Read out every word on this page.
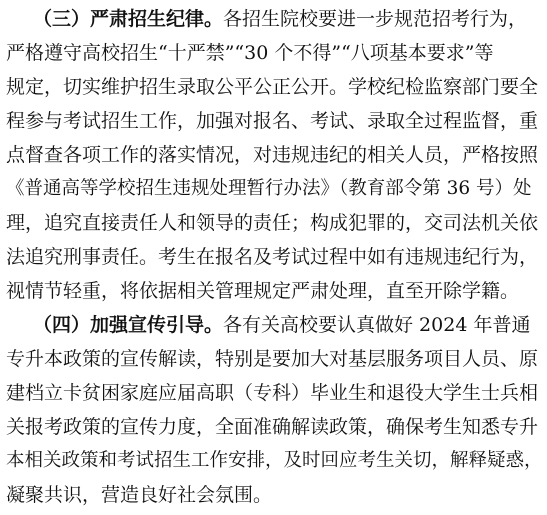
（三）严肃招生纪律。各招生院校要进一步规范招考行为，
严格遵守高校招生“十严禁”“30 个不得”“八项基本要求”等
规定，切实维护招生录取公平公正公开。学校纪检监察部门要全
程参与考试招生工作，加强对报名、考试、录取全过程监督，重
点督查各项工作的落实情况，对违规违纪的相关人员，严格按照
《普通高等学校招生违规处理暂行办法》（教育部令第 36 号）处
理，追究直接责任人和领导的责任；构成犯罪的，交司法机关依
法追究刑事责任。考生在报名及考试过程中如有违规违纪行为，
视情节轻重，将依据相关管理规定严肃处理，直至开除学籍。
（四）加强宣传引导。各有关高校要认真做好 2024 年普通
专升本政策的宣传解读，特别是要加大对基层服务项目人员、原
建档立卡贫困家庭应届高职（专科）毕业生和退役大学生士兵相
关报考政策的宣传力度，全面准确解读政策，确保考生知悉专升
本相关政策和考试招生工作安排，及时回应考生关切，解释疑惑，
凝聚共识，营造良好社会氛围。
